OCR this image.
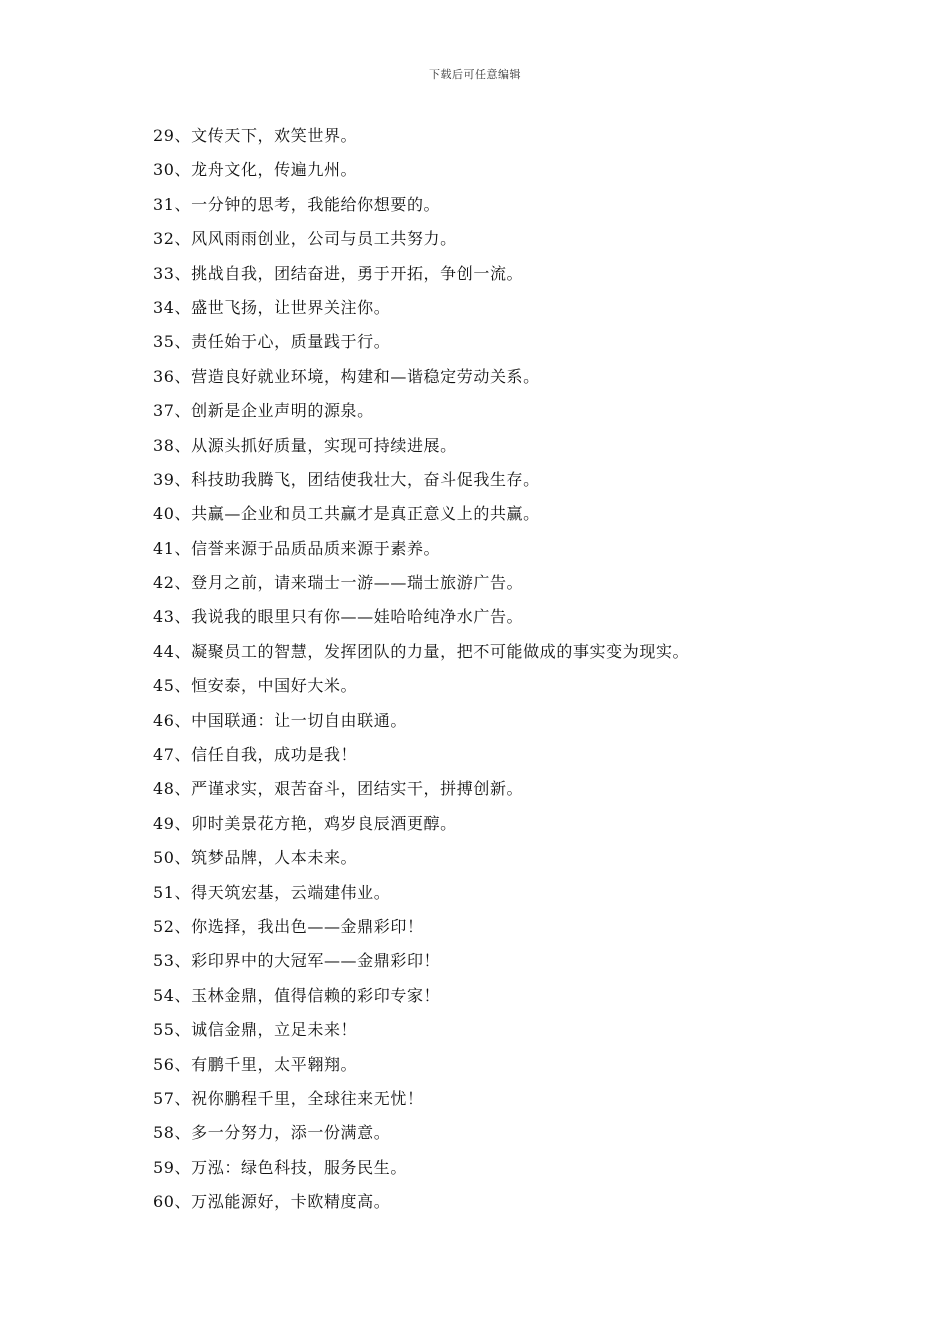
下载后可任意编辑
29、文传天下，欢笑世界。
30、龙舟文化，传遍九州。
31、一分钟的思考，我能给你想要的。
32、风风雨雨创业，公司与员工共努力。
33、挑战自我，团结奋进，勇于开拓，争创一流。
34、盛世飞扬，让世界关注你。
35、责任始于心，质量践于行。
36、营造良好就业环境，构建和—谐稳定劳动关系。
37、创新是企业声明的源泉。
38、从源头抓好质量，实现可持续进展。
39、科技助我腾飞，团结使我壮大，奋斗促我生存。
40、共赢—企业和员工共赢才是真正意义上的共赢。
41、信誉来源于品质品质来源于素养。
42、登月之前，请来瑞士一游——瑞士旅游广告。
43、我说我的眼里只有你——娃哈哈纯净水广告。
44、凝聚员工的智慧，发挥团队的力量，把不可能做成的事实变为现实。
45、恒安泰，中国好大米。
46、中国联通：让一切自由联通。
47、信任自我，成功是我！
48、严谨求实，艰苦奋斗，团结实干，拼搏创新。
49、卯时美景花方艳，鸡岁良辰酒更醇。
50、筑梦品牌，人本未来。
51、得天筑宏基，云端建伟业。
52、你选择，我出色——金鼎彩印！
53、彩印界中的大冠军——金鼎彩印！
54、玉林金鼎，值得信赖的彩印专家！
55、诚信金鼎，立足未来！
56、有鹏千里，太平翱翔。
57、祝你鹏程千里，全球往来无忧！
58、多一分努力，添一份满意。
59、万泓：绿色科技，服务民生。
60、万泓能源好，卡欧精度高。
